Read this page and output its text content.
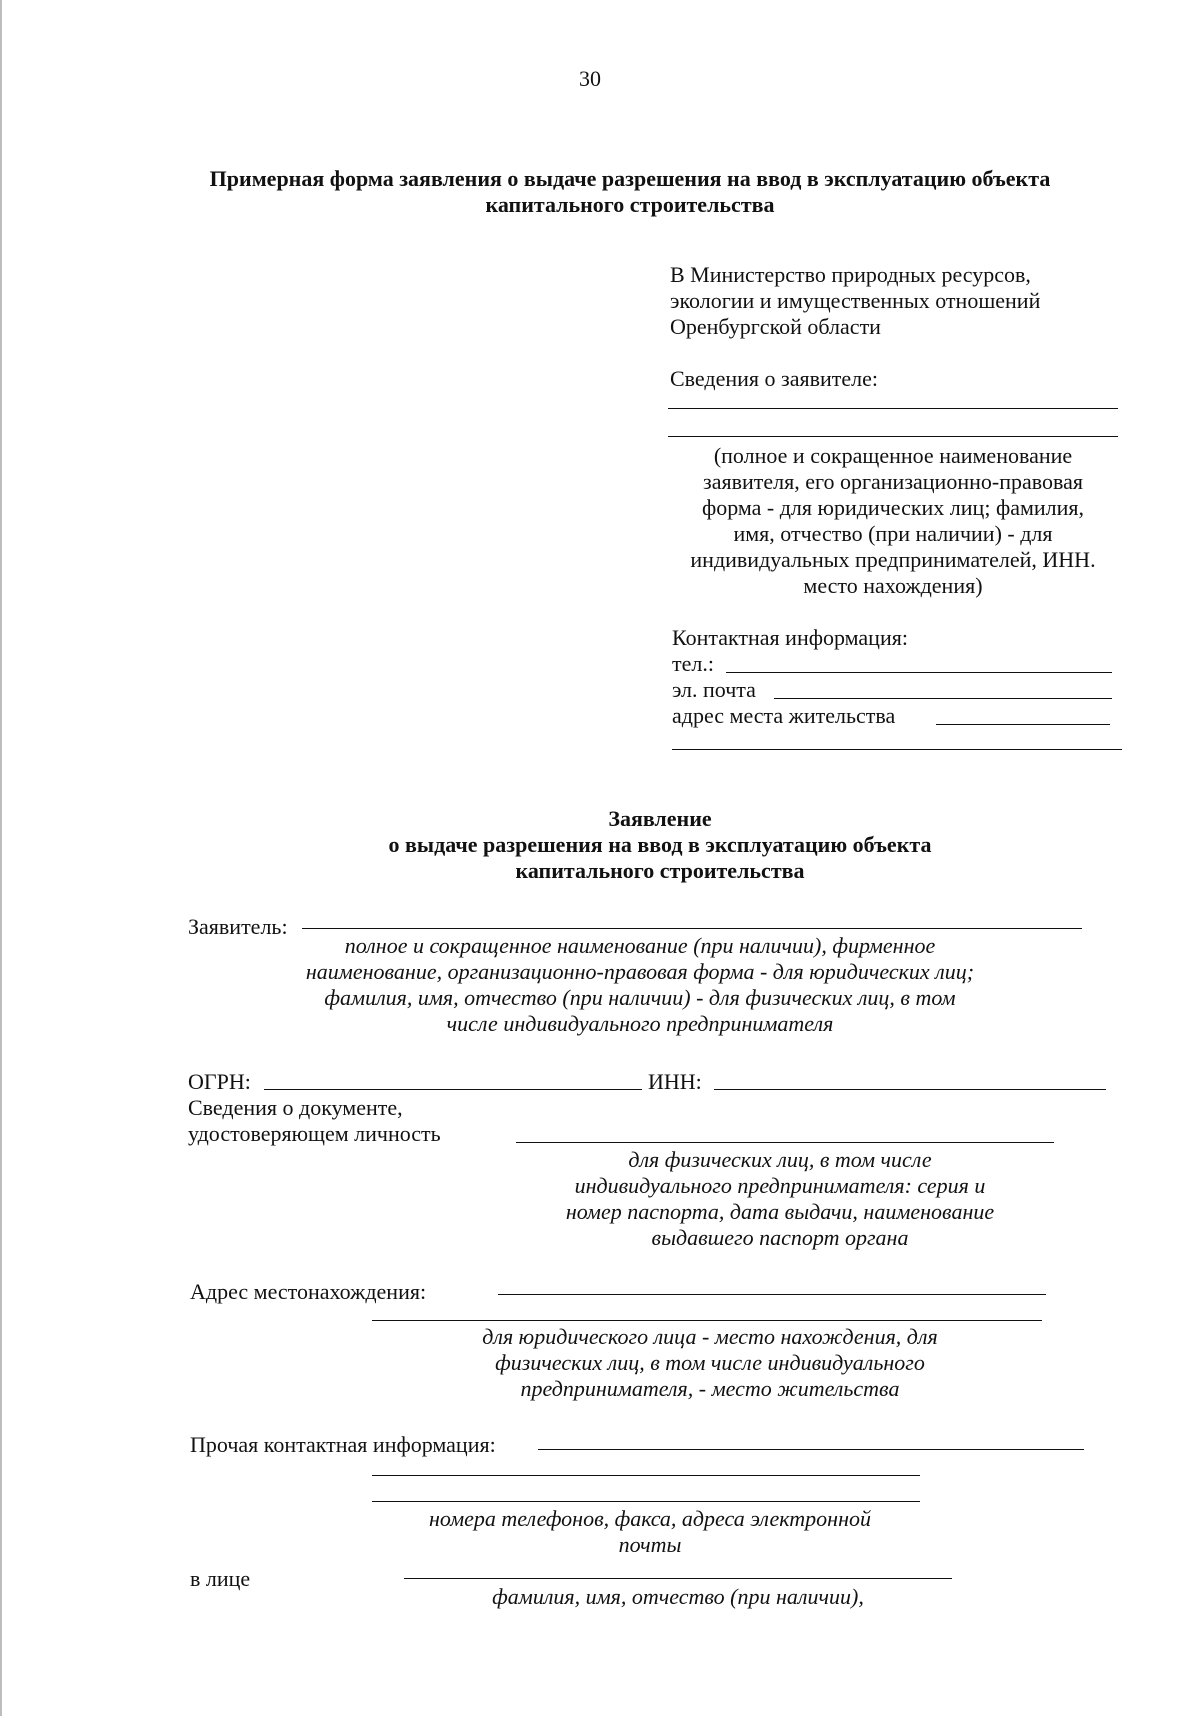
30
Примерная форма заявления о выдаче разрешения на ввод в эксплуатацию объекта
капитального строительства
В Министерство природных ресурсов,
экологии и имущественных отношений
Оренбургской области
Сведения о заявителе:
(полное и сокращенное наименование
заявителя, его организационно-правовая
форма - для юридических лиц; фамилия,
имя, отчество (при наличии) - для
индивидуальных предпринимателей, ИНН.
место нахождения)
Контактная информация:
тел.:
эл. почта
адрес места жительства
Заявление
о выдаче разрешения на ввод в эксплуатацию объекта
капитального строительства
Заявитель:
полное и сокращенное наименование (при наличии), фирменное
наименование, организационно-правовая форма - для юридических лиц;
фамилия, имя, отчество (при наличии) - для физических лиц, в том
числе индивидуального предпринимателя
ОГРН:	ИНН:
Сведения о документе,
удостоверяющем личность
для физических лиц, в том числе
индивидуального предпринимателя: серия и
номер паспорта, дата выдачи, наименование
выдавшего паспорт органа
Адрес местонахождения:
для юридического лица - место нахождения, для
физических лиц, в том числе индивидуального
предпринимателя, - место жительства
Прочая контактная информация:
номера телефонов, факса, адреса электронной
почты
в лице
фамилия, имя, отчество (при наличии),
